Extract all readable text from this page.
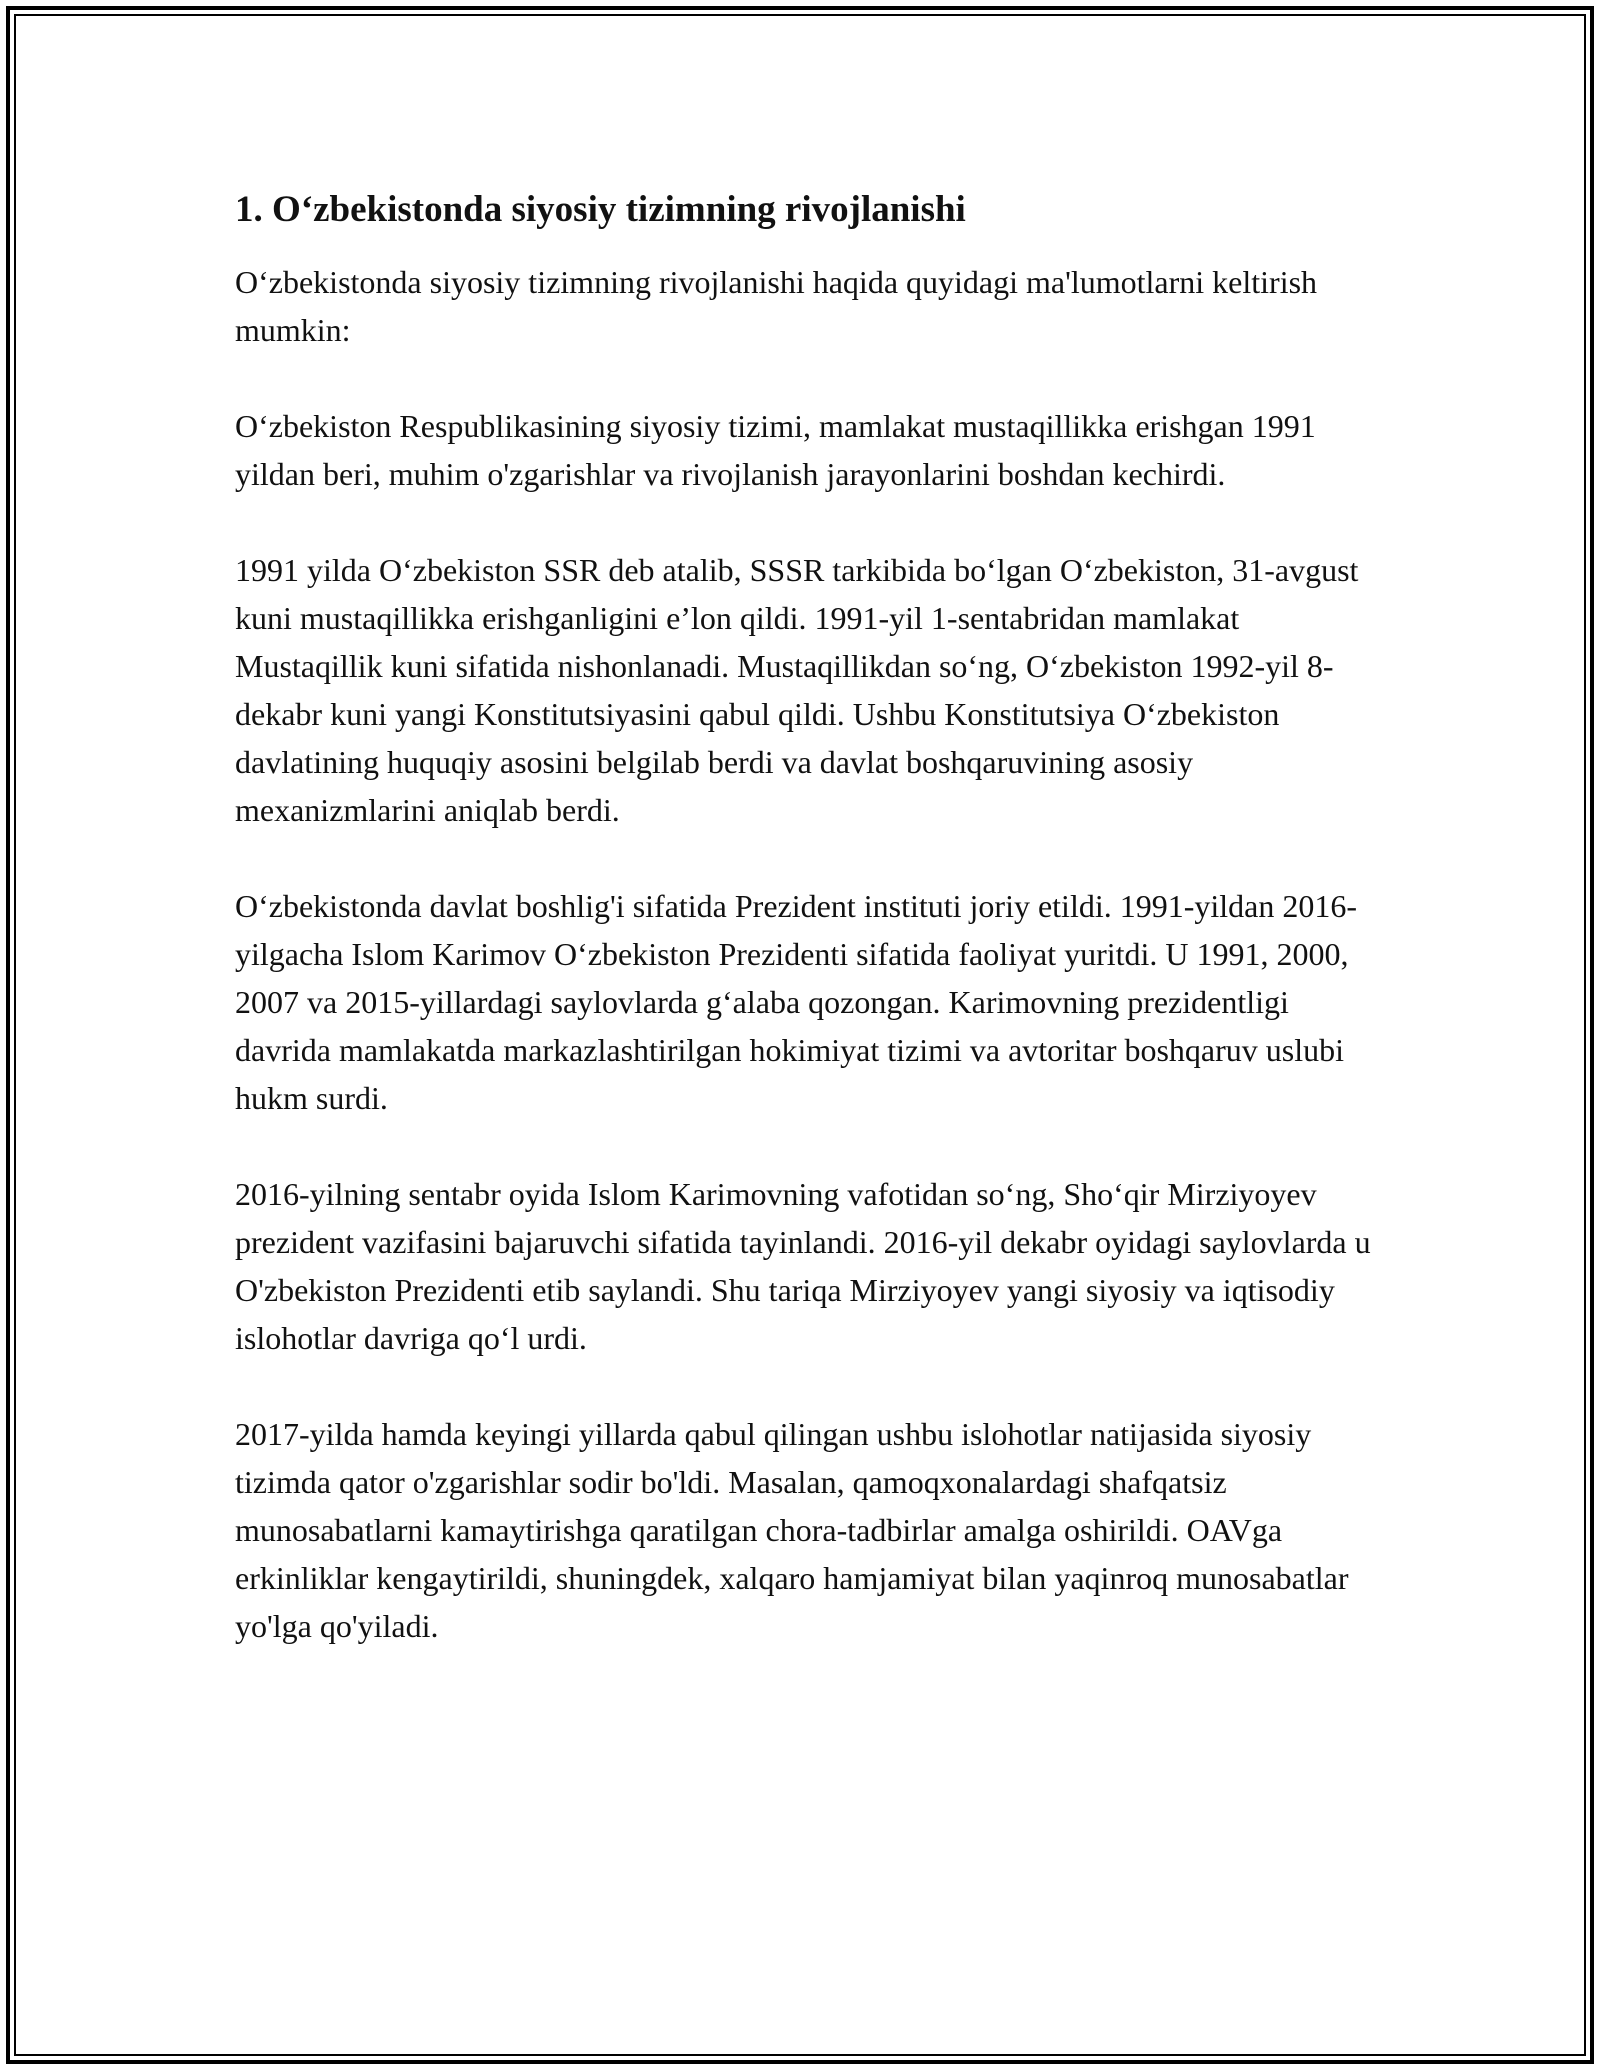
1. O‘zbekistonda siyosiy tizimning rivojlanishi

O‘zbekistonda siyosiy tizimning rivojlanishi haqida quyidagi ma'lumotlarni keltirish mumkin:

O‘zbekiston Respublikasining siyosiy tizimi, mamlakat mustaqillikka erishgan 1991 yildan beri, muhim o'zgarishlar va rivojlanish jarayonlarini boshdan kechirdi.

1991 yilda O‘zbekiston SSR deb atalib, SSSR tarkibida bo‘lgan O‘zbekiston, 31-avgust kuni mustaqillikka erishganligini e’lon qildi. 1991-yil 1-sentabridan mamlakat Mustaqillik kuni sifatida nishonlanadi. Mustaqillikdan so‘ng, O‘zbekiston 1992-yil 8-dekabr kuni yangi Konstitutsiyasini qabul qildi. Ushbu Konstitutsiya O‘zbekiston davlatining huquqiy asosini belgilab berdi va davlat boshqaruvining asosiy mexanizmlarini aniqlab berdi.

O‘zbekistonda davlat boshlig'i sifatida Prezident instituti joriy etildi. 1991-yildan 2016-yilgacha Islom Karimov O‘zbekiston Prezidenti sifatida faoliyat yuritdi. U 1991, 2000, 2007 va 2015-yillardagi saylovlarda g‘alaba qozongan. Karimovning prezidentligi davrida mamlakatda markazlashtirilgan hokimiyat tizimi va avtoritar boshqaruv uslubi hukm surdi.

2016-yilning sentabr oyida Islom Karimovning vafotidan so‘ng, Sho‘qir Mirziyoyev prezident vazifasini bajaruvchi sifatida tayinlandi. 2016-yil dekabr oyidagi saylovlarda u O'zbekiston Prezidenti etib saylandi. Shu tariqa Mirziyoyev yangi siyosiy va iqtisodiy islohotlar davriga qo‘l urdi.

2017-yilda hamda keyingi yillarda qabul qilingan ushbu islohotlar natijasida siyosiy tizimda qator o'zgarishlar sodir bo'ldi. Masalan, qamoqxonalardagi shafqatsiz munosabatlarni kamaytirishga qaratilgan chora-tadbirlar amalga oshirildi. OAVga erkinliklar kengaytirildi, shuningdek, xalqaro hamjamiyat bilan yaqinroq munosabatlar yo'lga qo'yiladi.
